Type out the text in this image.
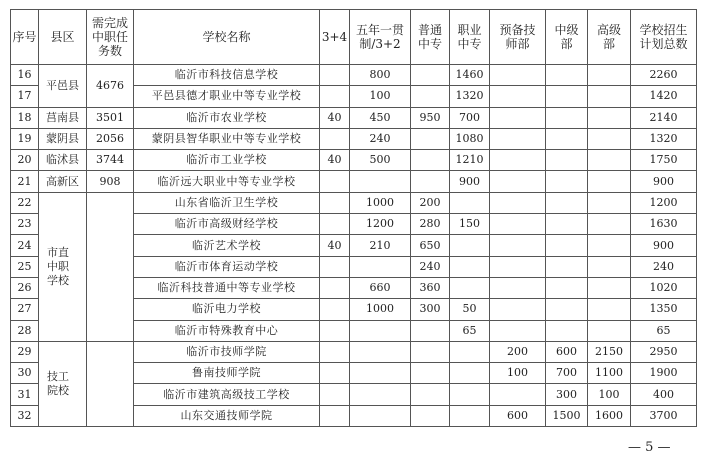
序号	县区	需完成中职任务数	学校名称	3+4	五年一贯制/3+2	普通中专	职业中专	预备技师部	中级部	高级部	学校招生计划总数
16	平邑县	4676	临沂市科技信息学校		800		1460				2260
17			平邑县德才职业中等专业学校		100		1320				1420
18	莒南县	3501	临沂市农业学校	40	450	950	700				2140
19	蒙阴县	2056	蒙阴县智华职业中等专业学校		240		1080				1320
20	临沭县	3744	临沂市工业学校	40	500		1210				1750
21	高新区	908	临沂远大职业中等专业学校				900				900
22	市直中职学校		山东省临沂卫生学校		1000	200					1200
23			临沂市高级财经学校		1200	280	150				1630
24			临沂艺术学校	40	210	650					900
25			临沂市体育运动学校			240					240
26			临沂科技普通中等专业学校		660	360					1020
27			临沂电力学校		1000	300	50				1350
28			临沂市特殊教育中心				65				65
29	技工院校		临沂市技师学院					200	600	2150	2950
30			鲁南技师学院					100	700	1100	1900
31			临沂市建筑高级技工学校						300	100	400
32			山东交通技师学院					600	1500	1600	3700
— 5 —
